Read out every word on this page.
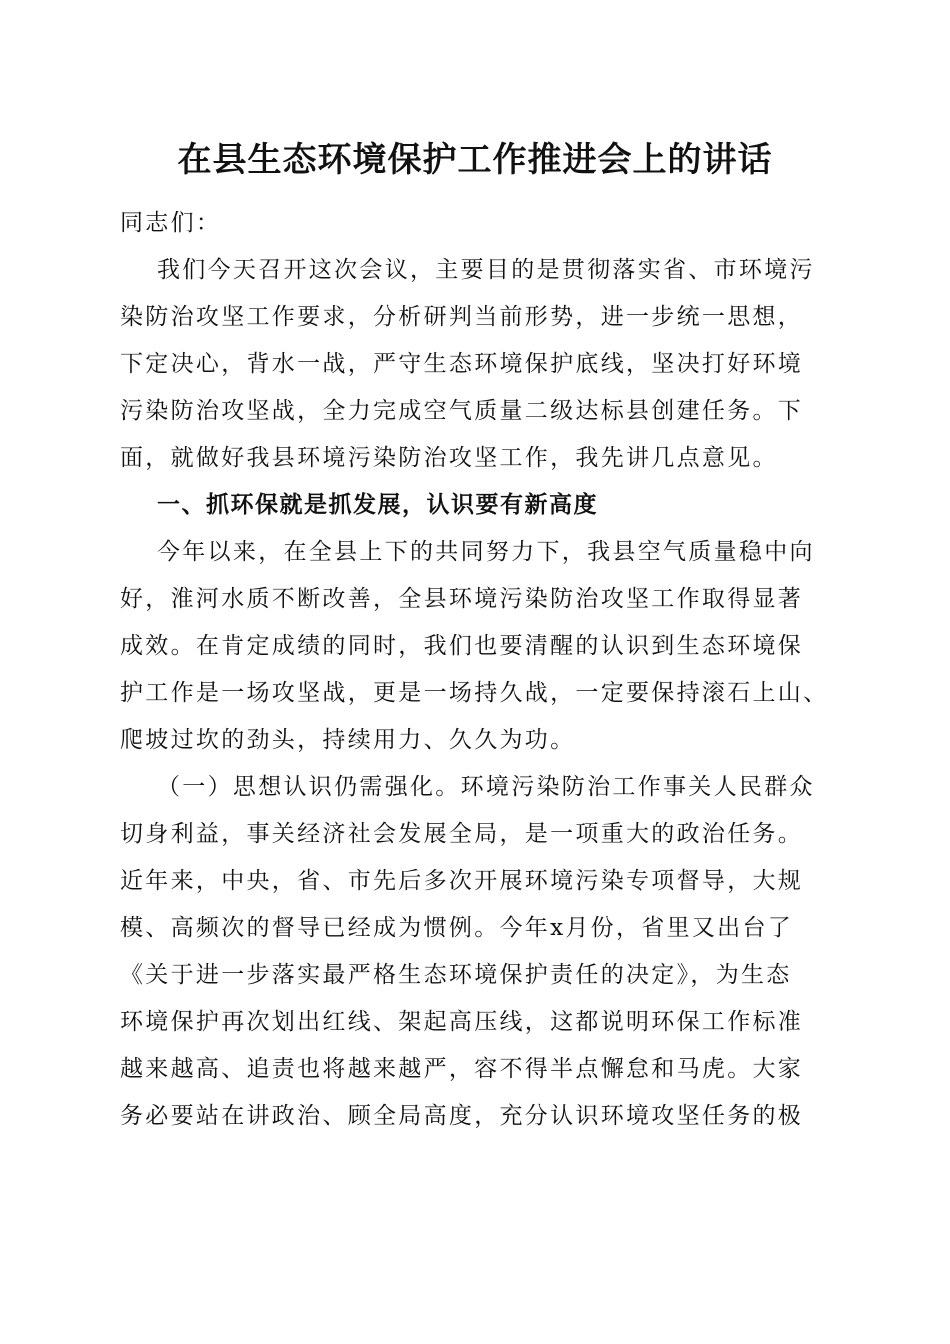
在县生态环境保护工作推进会上的讲话
同志们：
我们今天召开这次会议，主要目的是贯彻落实省、市环境污
染防治攻坚工作要求，分析研判当前形势，进一步统一思想，
下定决心，背水一战，严守生态环境保护底线，坚决打好环境
污染防治攻坚战，全力完成空气质量二级达标县创建任务。下
面，就做好我县环境污染防治攻坚工作，我先讲几点意见。
一、抓环保就是抓发展，认识要有新高度
今年以来，在全县上下的共同努力下，我县空气质量稳中向
好，淮河水质不断改善，全县环境污染防治攻坚工作取得显著
成效。在肯定成绩的同时，我们也要清醒的认识到生态环境保
护工作是一场攻坚战，更是一场持久战，一定要保持滚石上山、
爬坡过坎的劲头，持续用力、久久为功。
（一）思想认识仍需强化。环境污染防治工作事关人民群众
切身利益，事关经济社会发展全局，是一项重大的政治任务。
近年来，中央，省、市先后多次开展环境污染专项督导，大规
模、高频次的督导已经成为惯例。今年x月份，省里又出台了
《关于进一步落实最严格生态环境保护责任的决定》，为生态
环境保护再次划出红线、架起高压线，这都说明环保工作标准
越来越高、追责也将越来越严，容不得半点懈怠和马虎。大家
务必要站在讲政治、顾全局高度，充分认识环境攻坚任务的极
